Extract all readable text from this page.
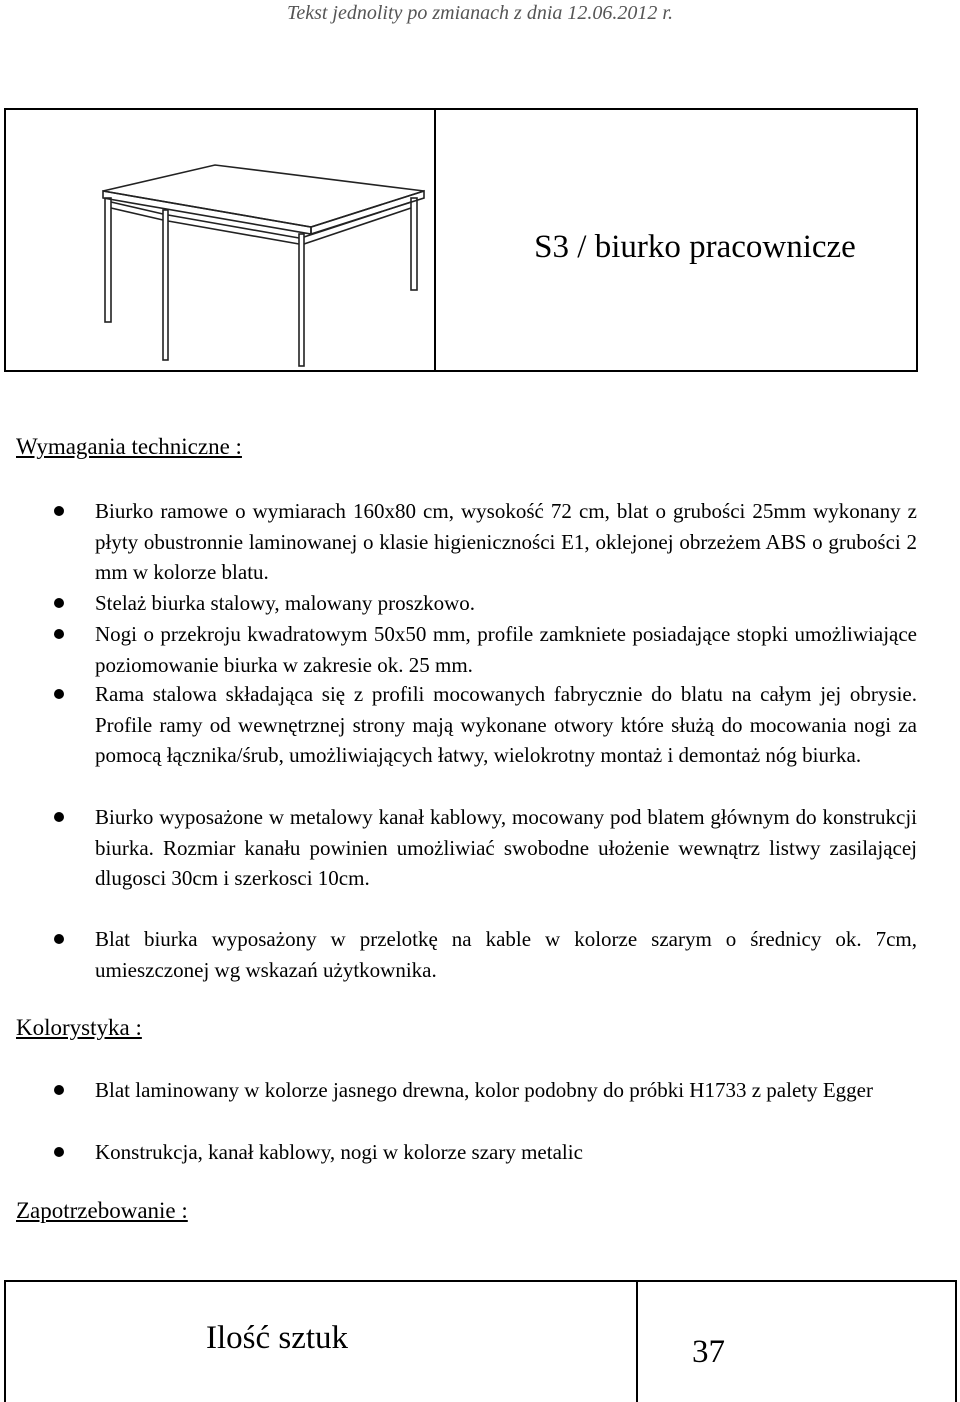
Tekst jednolity po zmianach z dnia 12.06.2012 r.
S3 / biurko pracownicze
Wymagania techniczne :
Biurko ramowe o wymiarach 160x80 cm, wysokość 72 cm, blat o grubości 25mm wykonany z płyty obustronnie laminowanej o klasie higieniczności E1, oklejonej obrzeżem ABS o grubości 2 mm w kolorze blatu.
Stelaż biurka stalowy, malowany proszkowo.
Nogi o przekroju kwadratowym 50x50 mm, profile zamkniete posiadające stopki umożliwiające poziomowanie biurka w zakresie ok. 25 mm.
Rama stalowa składająca się z profili mocowanych fabrycznie do blatu na całym jej obrysie. Profile ramy od wewnętrznej strony mają wykonane otwory które służą do mocowania nogi za pomocą łącznika/śrub, umożliwiających łatwy, wielokrotny montaż i demontaż nóg biurka.
Biurko wyposażone w metalowy kanał kablowy, mocowany pod blatem głównym do konstrukcji biurka. Rozmiar kanału powinien umożliwiać swobodne ułożenie wewnątrz listwy zasilającej dlugosci 30cm i szerkosci 10cm.
Blat biurka wyposażony w przelotkę na kable w kolorze szarym o średnicy ok. 7cm, umieszczonej wg wskazań użytkownika.
Kolorystyka :
Blat laminowany w kolorze jasnego drewna, kolor podobny do próbki H1733 z palety Egger
Konstrukcja, kanał kablowy, nogi w kolorze szary metalic
Zapotrzebowanie :
Ilość sztuk	37
